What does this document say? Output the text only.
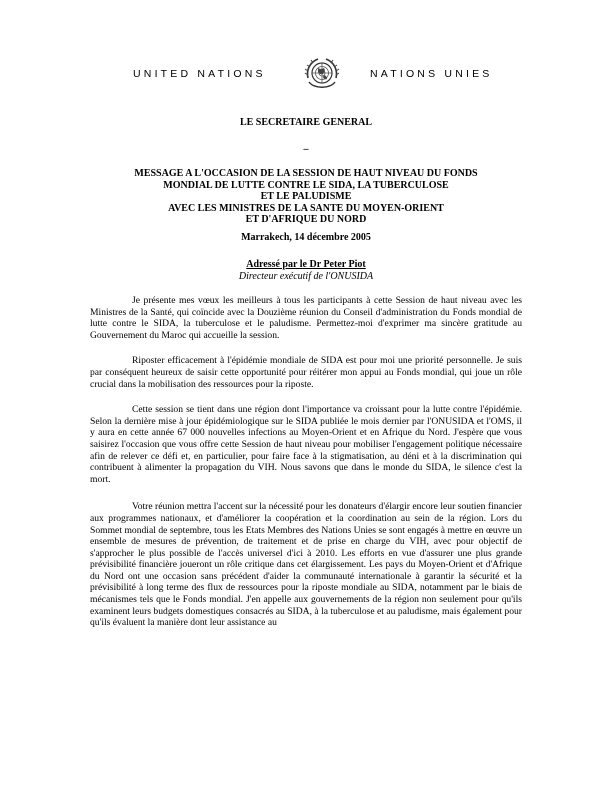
UNITED NATIONS	NATIONS UNIES
LE SECRETAIRE GENERAL
–
MESSAGE A L'OCCASION DE LA SESSION DE HAUT NIVEAU DU FONDS
MONDIAL DE LUTTE CONTRE LE SIDA, LA TUBERCULOSE
ET LE PALUDISME
AVEC LES MINISTRES DE LA SANTE DU MOYEN-ORIENT
ET D'AFRIQUE DU NORD
Marrakech, 14 décembre 2005
Adressé par le Dr Peter Piot
Directeur exécutif de l'ONUSIDA

Je présente mes vœux les meilleurs à tous les participants à cette Session de haut niveau avec les Ministres de la Santé, qui coïncide avec la Douzième réunion du Conseil d'administration du Fonds mondial de lutte contre le SIDA, la tuberculose et le paludisme. Permettez-moi d'exprimer ma sincère gratitude au Gouvernement du Maroc qui accueille la session.

Riposter efficacement à l'épidémie mondiale de SIDA est pour moi une priorité personnelle. Je suis par conséquent heureux de saisir cette opportunité pour réitérer mon appui au Fonds mondial, qui joue un rôle crucial dans la mobilisation des ressources pour la riposte.

Cette session se tient dans une région dont l'importance va croissant pour la lutte contre l'épidémie. Selon la dernière mise à jour épidémiologique sur le SIDA publiée le mois dernier par l'ONUSIDA et l'OMS, il y aura en cette année 67 000 nouvelles infections au Moyen-Orient et en Afrique du Nord. J'espère que vous saisirez l'occasion que vous offre cette Session de haut niveau pour mobiliser l'engagement politique nécessaire afin de relever ce défi et, en particulier, pour faire face à la stigmatisation, au déni et à la discrimination qui contribuent à alimenter la propagation du VIH. Nous savons que dans le monde du SIDA, le silence c'est la mort.

Votre réunion mettra l'accent sur la nécessité pour les donateurs d'élargir encore leur soutien financier aux programmes nationaux, et d'améliorer la coopération et la coordination au sein de la région. Lors du Sommet mondial de septembre, tous les Etats Membres des Nations Unies se sont engagés à mettre en œuvre un ensemble de mesures de prévention, de traitement et de prise en charge du VIH, avec pour objectif de s'approcher le plus possible de l'accès universel d'ici à 2010. Les efforts en vue d'assurer une plus grande prévisibilité financière joueront un rôle critique dans cet élargissement. Les pays du Moyen-Orient et d'Afrique du Nord ont une occasion sans précédent d'aider la communauté internationale à garantir la sécurité et la prévisibilité à long terme des flux de ressources pour la riposte mondiale au SIDA, notamment par le biais de mécanismes tels que le Fonds mondial. J'en appelle aux gouvernements de la région non seulement pour qu'ils examinent leurs budgets domestiques consacrés au SIDA, à la tuberculose et au paludisme, mais également pour qu'ils évaluent la manière dont leur assistance au
